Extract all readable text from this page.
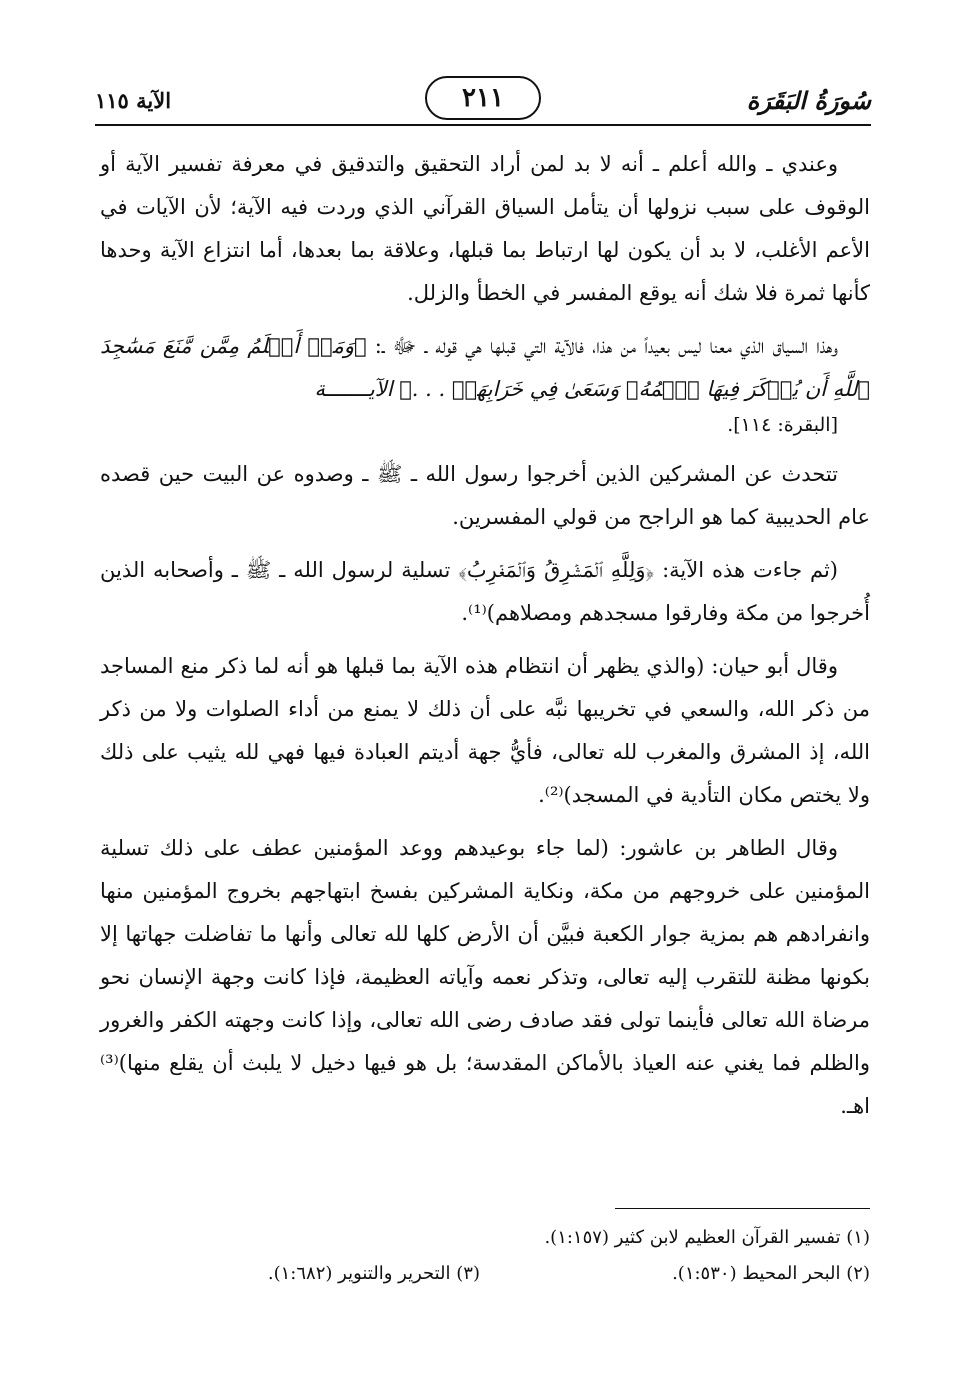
سُورَةُ البَقَرَة
٢١١
الآية ١١٥

وعندي ـ والله أعلم ـ أنه لا بد لمن أراد التحقيق والتدقيق في معرفة تفسير الآية أو الوقوف على سبب نزولها أن يتأمل السياق القرآني الذي وردت فيه الآية؛ لأن الآيات في الأعم الأغلب، لا بد أن يكون لها ارتباط بما قبلها، وعلاقة بما بعدها، أما انتزاع الآية وحدها كأنها ثمرة فلا شك أنه يوقع المفسر في الخطأ والزلل.

وهذا السياق الذي معنا ليس بعيداً من هذا، فالآية التي قبلها هي قوله ـ ﷻ ـ: ﴿وَمَنۡ أَظۡلَمُ مِمَّن مَّنَعَ مَسَٰجِدَ ٱللَّهِ أَن يُذۡكَرَ فِيهَا ٱسۡمُهُۥ وَسَعَىٰ فِي خَرَابِهَآۚ . . .﴾ الآيـــــــة
[البقرة: ١١٤].

تتحدث عن المشركين الذين أخرجوا رسول الله ـ ﷺ ـ وصدوه عن البيت حين قصده عام الحديبية كما هو الراجح من قولي المفسرين.

(ثم جاءت هذه الآية: ﴿وَلِلَّهِ ٱلۡمَشۡرِقُ وَٱلۡمَغۡرِبُ﴾ تسلية لرسول الله ـ ﷺ ـ وأصحابه الذين أُخرجوا من مكة وفارقوا مسجدهم ومصلاهم)⁽¹⁾.

وقال أبو حيان: (والذي يظهر أن انتظام هذه الآية بما قبلها هو أنه لما ذكر منع المساجد من ذكر الله، والسعي في تخريبها نبَّه على أن ذلك لا يمنع من أداء الصلوات ولا من ذكر الله، إذ المشرق والمغرب لله تعالى، فأيُّ جهة أديتم العبادة فيها فهي لله يثيب على ذلك ولا يختص مكان التأدية في المسجد)⁽²⁾.

وقال الطاهر بن عاشور: (لما جاء بوعيدهم ووعد المؤمنين عطف على ذلك تسلية المؤمنين على خروجهم من مكة، ونكاية المشركين بفسخ ابتهاجهم بخروج المؤمنين منها وانفرادهم هم بمزية جوار الكعبة فبيَّن أن الأرض كلها لله تعالى وأنها ما تفاضلت جهاتها إلا بكونها مظنة للتقرب إليه تعالى، وتذكر نعمه وآياته العظيمة، فإذا كانت وجهة الإنسان نحو مرضاة الله تعالى فأينما تولى فقد صادف رضى الله تعالى، وإذا كانت وجهته الكفر والغرور والظلم فما يغني عنه العياذ بالأماكن المقدسة؛ بل هو فيها دخيل لا يلبث أن يقلع منها)⁽³⁾ اهـ.

(١) تفسير القرآن العظيم لابن كثير (١:١٥٧).
(٢) البحر المحيط (١:٥٣٠).
(٣) التحرير والتنوير (١:٦٨٢).
